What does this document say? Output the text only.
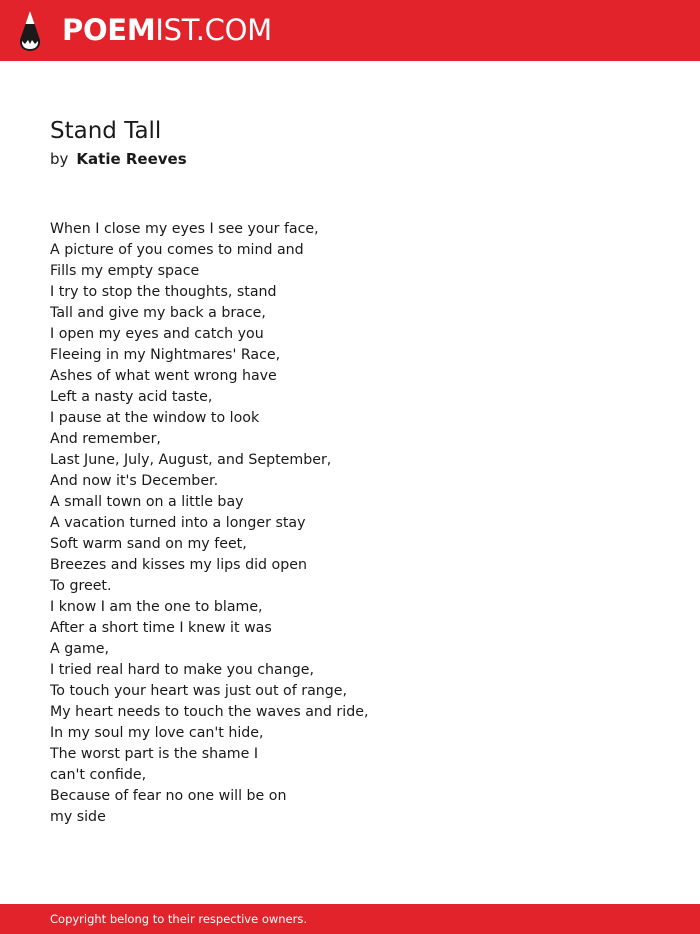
POEMIST.COM
Stand Tall
by Katie Reeves
When I close my eyes I see your face,
A picture of you comes to mind and
Fills my empty space
I try to stop the thoughts, stand
Tall and give my back a brace,
I open my eyes and catch you
Fleeing in my Nightmares' Race,
Ashes of what went wrong have
Left a nasty acid taste,
I pause at the window to look
And remember,
Last June, July, August, and September,
And now it's December.
A small town on a little bay
A vacation turned into a longer stay
Soft warm sand on my feet,
Breezes and kisses my lips did open
To greet.
I know I am the one to blame,
After a short time I knew it was
A game,
I tried real hard to make you change,
To touch your heart was just out of range,
My heart needs to touch the waves and ride,
In my soul my love can't hide,
The worst part is the shame I
can't confide,
Because of fear no one will be on
my side
Copyright belong to their respective owners.
